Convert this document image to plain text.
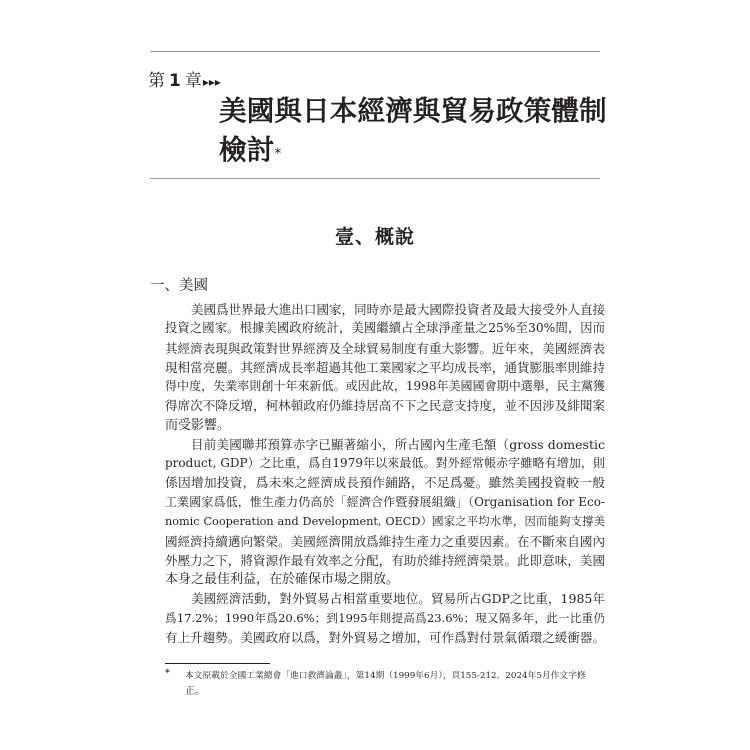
第 1 章▸▸▸
美國與日本經濟與貿易政策體制
檢討*
壹、概說
一、美國
美國爲世界最大進出口國家，同時亦是最大國際投資者及最大接受外人直接
投資之國家。根據美國政府統計，美國繼續占全球淨產量之25%至30%間，因而
其經濟表現與政策對世界經濟及全球貿易制度有重大影響。近年來，美國經濟表
現相當亮麗。其經濟成長率超過其他工業國家之平均成長率，通貨膨脹率則維持
得中度，失業率則創十年來新低。或因此故，1998年美國國會期中選舉，民主黨獲
得席次不降反增，柯林頓政府仍維持居高不下之民意支持度，並不因涉及緋聞案
而受影響。
目前美國聯邦預算赤字已顯著縮小，所占國內生產毛額（gross domestic
product, GDP）之比重，爲自1979年以來最低。對外經常帳赤字雖略有增加，則
係因增加投資，爲未來之經濟成長預作鋪路，不足爲憂。雖然美國投資較一般
工業國家爲低，惟生產力仍高於「經濟合作暨發展組織」（Organisation for Eco-
nomic Cooperation and Development, OECD）國家之平均水準，因而能夠支撐美
國經濟持續邁向繁榮。美國經濟開放爲維持生產力之重要因素。在不斷來自國內
外壓力之下，將資源作最有效率之分配，有助於維持經濟榮景。此即意味，美國
本身之最佳利益，在於確保市場之開放。
美國經濟活動，對外貿易占相當重要地位。貿易所占GDP之比重，1985年
爲17.2%；1990年爲20.6%；到1995年則提高爲23.6%；現又隔多年，此一比重仍
有上升趨勢。美國政府以爲，對外貿易之增加，可作爲對付景氣循環之緩衝器。
*	本文原載於全國工業總會「進口救濟論叢」，第14期（1999年6月），頁155-212。2024年5月作文字修
正。
